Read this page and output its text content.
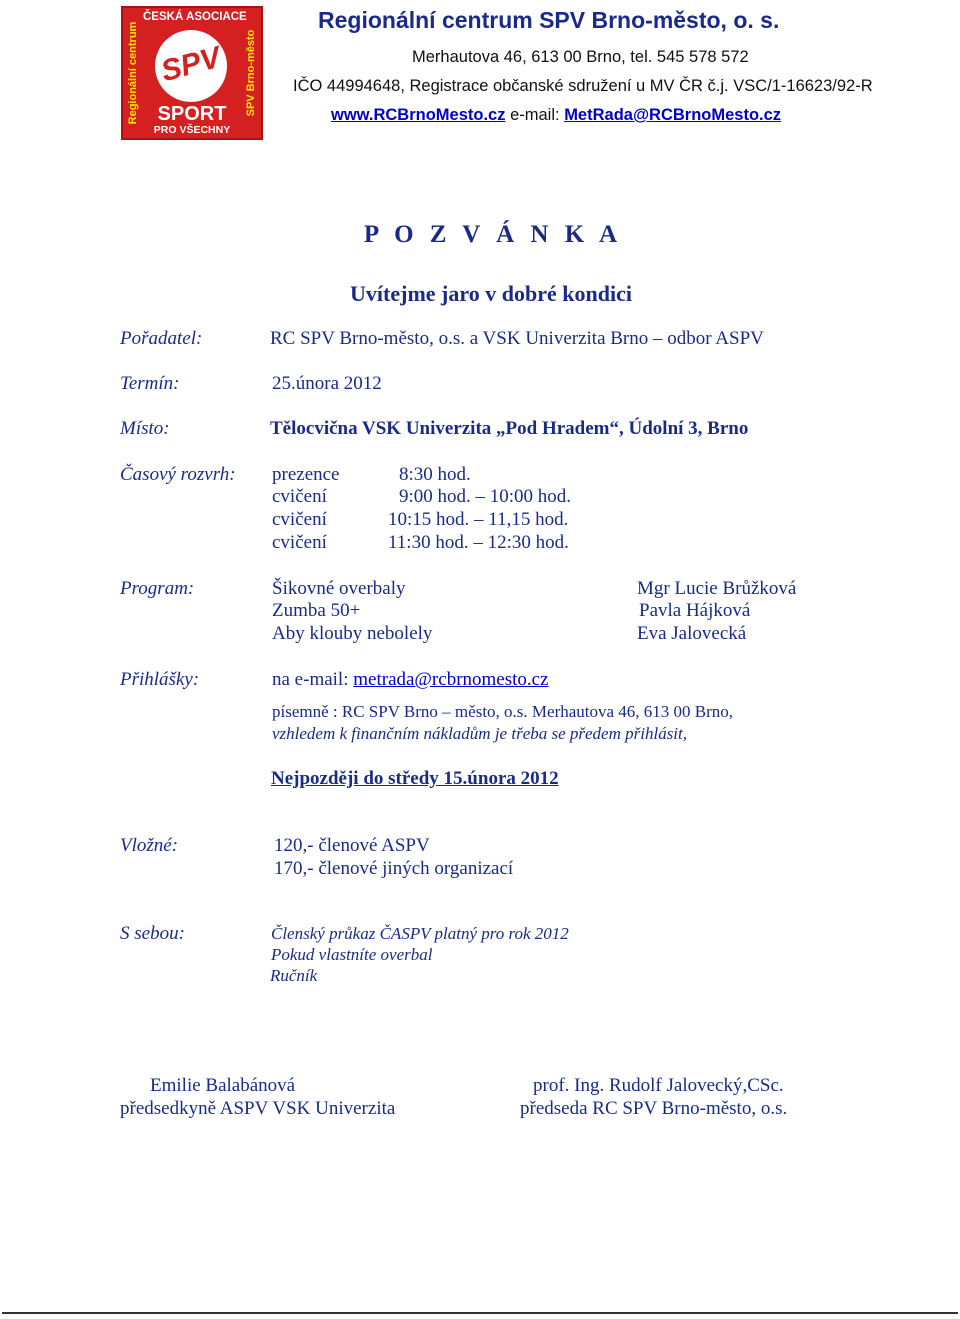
Regionální centrum	SPV Brno-město
ČESKÁ ASOCIACE
SPV
SPORT
PRO VŠECHNY
Regionální centrum SPV Brno-město, o. s.
Merhautova 46, 613 00 Brno, tel. 545 578 572
IČO 44994648, Registrace občanské sdružení u MV ČR č.j. VSC/1-16623/92-R
www.RCBrnoMesto.cz e-mail: MetRada@RCBrnoMesto.cz
P O Z V Á N K A
Uvítejme jaro v dobré kondici
Pořadatel:	RC SPV Brno-město, o.s. a VSK Univerzita Brno – odbor ASPV
Termín:	25.února 2012
Místo:	Tělocvična VSK Univerzita „Pod Hradem“, Údolní 3, Brno
Časový rozvrh: prezence	8:30 hod.
cvičení	9:00 hod. – 10:00 hod.
cvičení	10:15 hod. – 11,15 hod.
cvičení	11:30 hod. – 12:30 hod.
Program:	Šikovné overbaly	Mgr Lucie Brůžková
Zumba 50+	Pavla Hájková
Aby klouby nebolely	Eva Jalovecká
Přihlášky:	na e-mail: metrada@rcbrnomesto.cz
písemně : RC SPV Brno – město, o.s. Merhautova 46, 613 00 Brno,
vzhledem k finančním nákladům je třeba se předem přihlásit,
Nejpozději do středy 15.února 2012
Vložné:	120,- členové ASPV
170,- členové jiných organizací
S sebou:	Členský průkaz ČASPV platný pro rok 2012
Pokud vlastníte overbal
Ručník
Emilie Balabánová
předsedkyně ASPV VSK Univerzita
prof. Ing. Rudolf Jalovecký,CSc.
předseda RC SPV Brno-město, o.s.
